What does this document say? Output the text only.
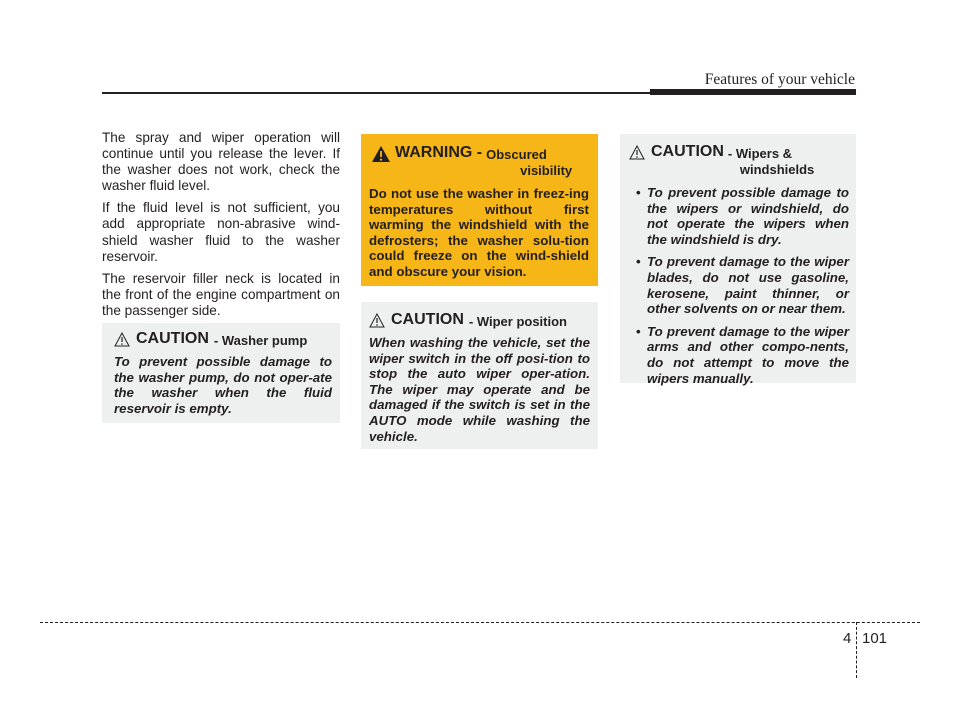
Features of your vehicle

The spray and wiper operation will continue until you release the lever. If the washer does not work, check the washer fluid level.

If the fluid level is not sufficient, you add appropriate non-abrasive wind-shield washer fluid to the washer reservoir.

The reservoir filler neck is located in the front of the engine compartment on the passenger side.

CAUTION - Washer pump

To prevent possible damage to the washer pump, do not oper-ate the washer when the fluid reservoir is empty.

WARNING - Obscured
visibility

Do not use the washer in freez-ing temperatures without first warming the windshield with the defrosters; the washer solu-tion could freeze on the wind-shield and obscure your vision.

CAUTION - Wiper position

When washing the vehicle, set the wiper switch in the off posi-tion to stop the auto wiper oper-ation. The wiper may operate and be damaged if the switch is set in the AUTO mode while washing the vehicle.

CAUTION - Wipers &
windshields
• To prevent possible damage to the wipers or windshield, do not operate the wipers when the windshield is dry.
• To prevent damage to the wiper blades, do not use gasoline, kerosene, paint thinner, or other solvents on or near them.
• To prevent damage to the wiper arms and other compo-nents, do not attempt to move the wipers manually.
4 101
